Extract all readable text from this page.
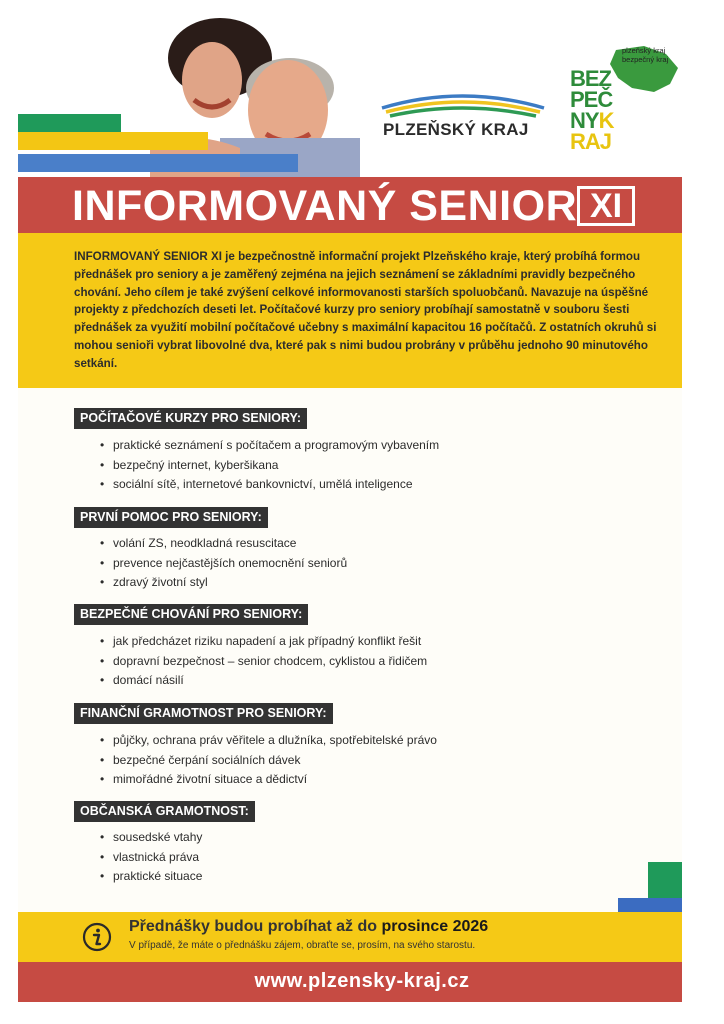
PLZEŇSKÝ KRAJ
plzeňský kraj
bezpečný kraj
BEZ
PEČ
NYK
RAJ
INFORMOVANÝ SENIOR XI
INFORMOVANÝ SENIOR XI je bezpečnostně informační projekt Plzeňského kraje, který probíhá formou přednášek pro seniory a je zaměřený zejména na jejich seznámení se základními pravidly bezpečného chování. Jeho cílem je také zvýšení celkové informovanosti starších spoluobčanů. Navazuje na úspěšné projekty z předchozích deseti let. Počítačové kurzy pro seniory probíhají samostatně v souboru šesti přednášek za využití mobilní počítačové učebny s maximální kapacitou 16 počítačů. Z ostatních okruhů si mohou senioři vybrat libovolné dva, které pak s nimi budou probrány v průběhu jednoho 90 minutového setkání.
POČÍTAČOVÉ KURZY PRO SENIORY:
• praktické seznámení s počítačem a programovým vybavením
• bezpečný internet, kyberšikana
• sociální sítě, internetové bankovnictví, umělá inteligence
PRVNÍ POMOC PRO SENIORY:
• volání ZS, neodkladná resuscitace
• prevence nejčastějších onemocnění seniorů
• zdravý životní styl
BEZPEČNÉ CHOVÁNÍ PRO SENIORY:
• jak předcházet riziku napadení a jak případný konflikt řešit
• dopravní bezpečnost – senior chodcem, cyklistou a řidičem
• domácí násilí
FINANČNÍ GRAMOTNOST PRO SENIORY:
• půjčky, ochrana práv věřitele a dlužníka, spotřebitelské právo
• bezpečné čerpání sociálních dávek
• mimořádné životní situace a dědictví
OBČANSKÁ GRAMOTNOST:
• sousedské vtahy
• vlastnická práva
• praktické situace
Přednášky budou probíhat až do prosince 2026
V případě, že máte o přednášku zájem, obraťte se, prosím, na svého starostu.
www.plzensky-kraj.cz
